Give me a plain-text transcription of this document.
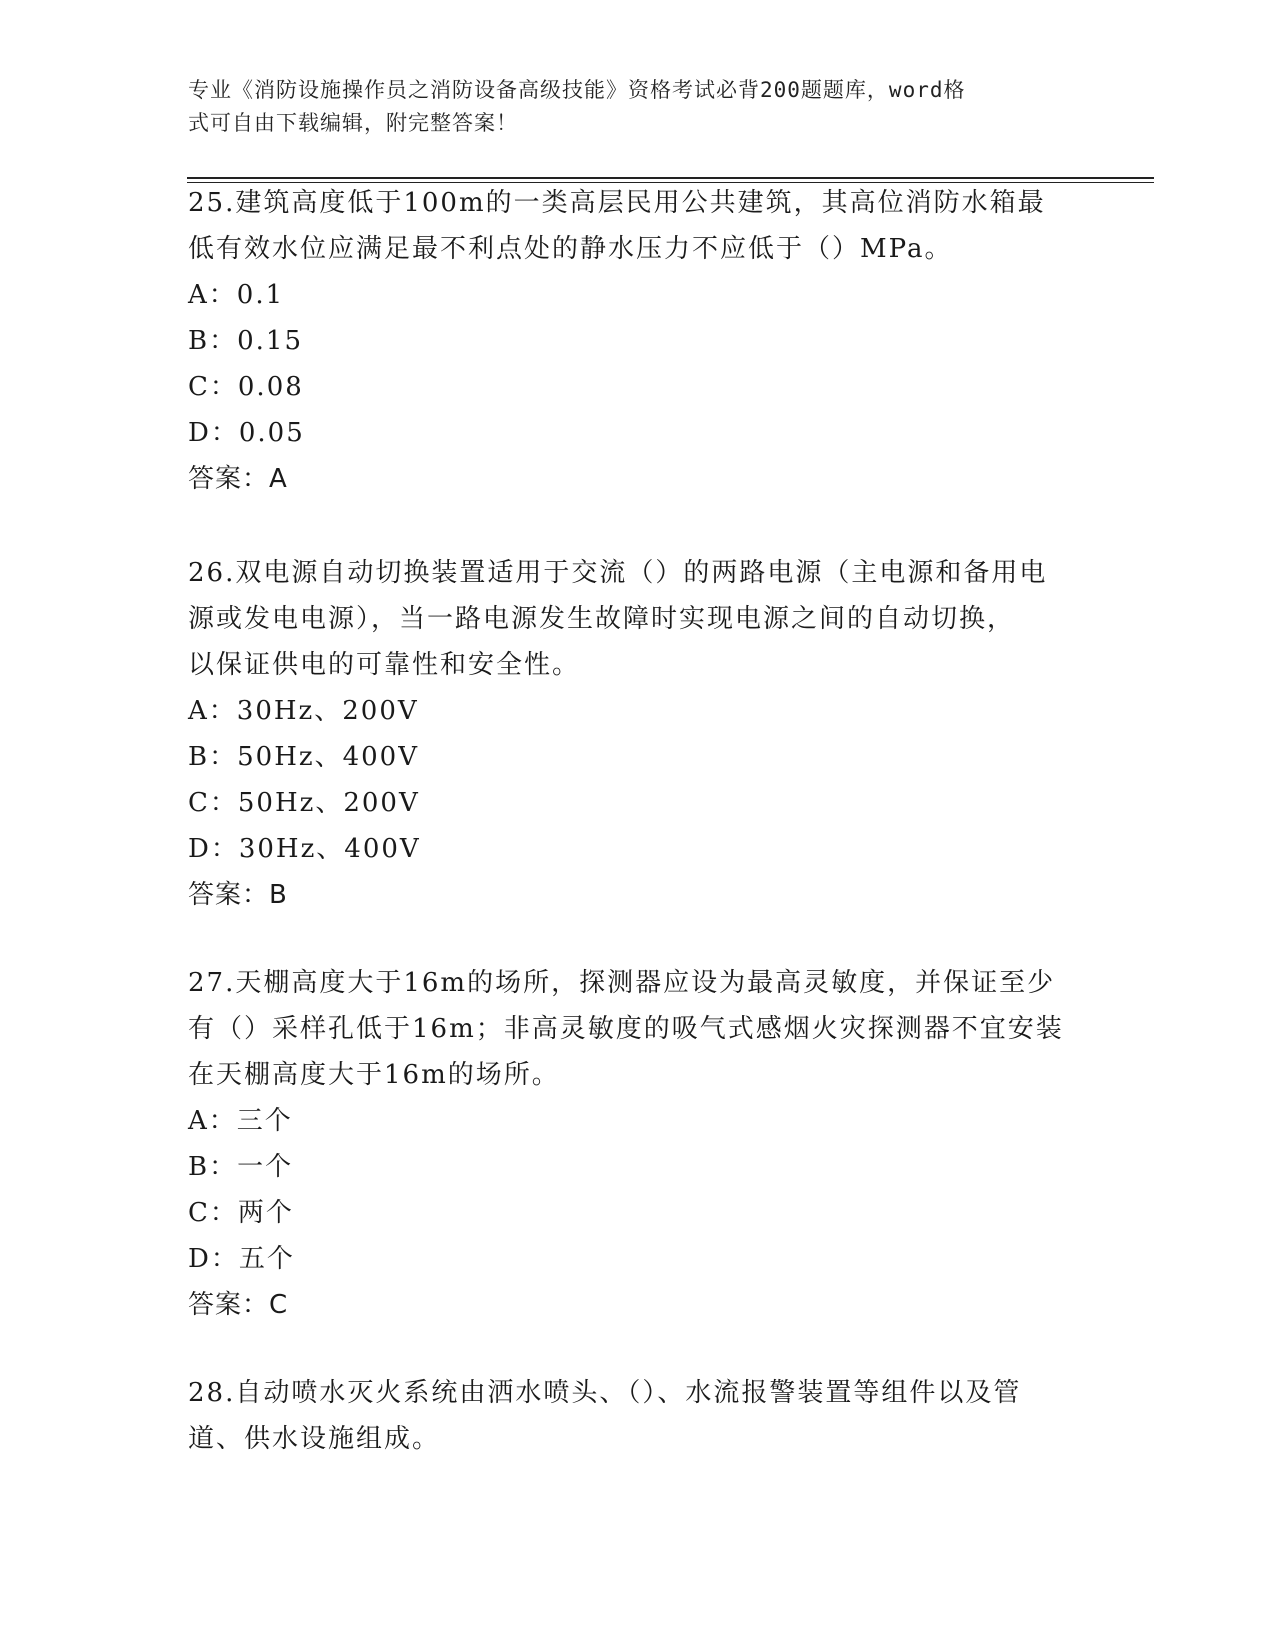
专业《消防设施操作员之消防设备高级技能》资格考试必背200题题库，word格
式可自由下载编辑，附完整答案！

25.建筑高度低于100m的一类高层民用公共建筑，其高位消防水箱最

低有效水位应满足最不利点处的静水压力不应低于（）MPa。

A：0.1

B：0.15

C：0.08

D：0.05

答案：A

26.双电源自动切换装置适用于交流（）的两路电源（主电源和备用电

源或发电电源），当一路电源发生故障时实现电源之间的自动切换，

以保证供电的可靠性和安全性。

A：30Hz、200V

B：50Hz、400V

C：50Hz、200V

D：30Hz、400V

答案：B

27.天棚高度大于16m的场所，探测器应设为最高灵敏度，并保证至少

有（）采样孔低于16m；非高灵敏度的吸气式感烟火灾探测器不宜安装

在天棚高度大于16m的场所。

A：三个

B：一个

C：两个

D：五个

答案：C

28.自动喷水灭火系统由洒水喷头、（）、水流报警装置等组件以及管

道、供水设施组成。
